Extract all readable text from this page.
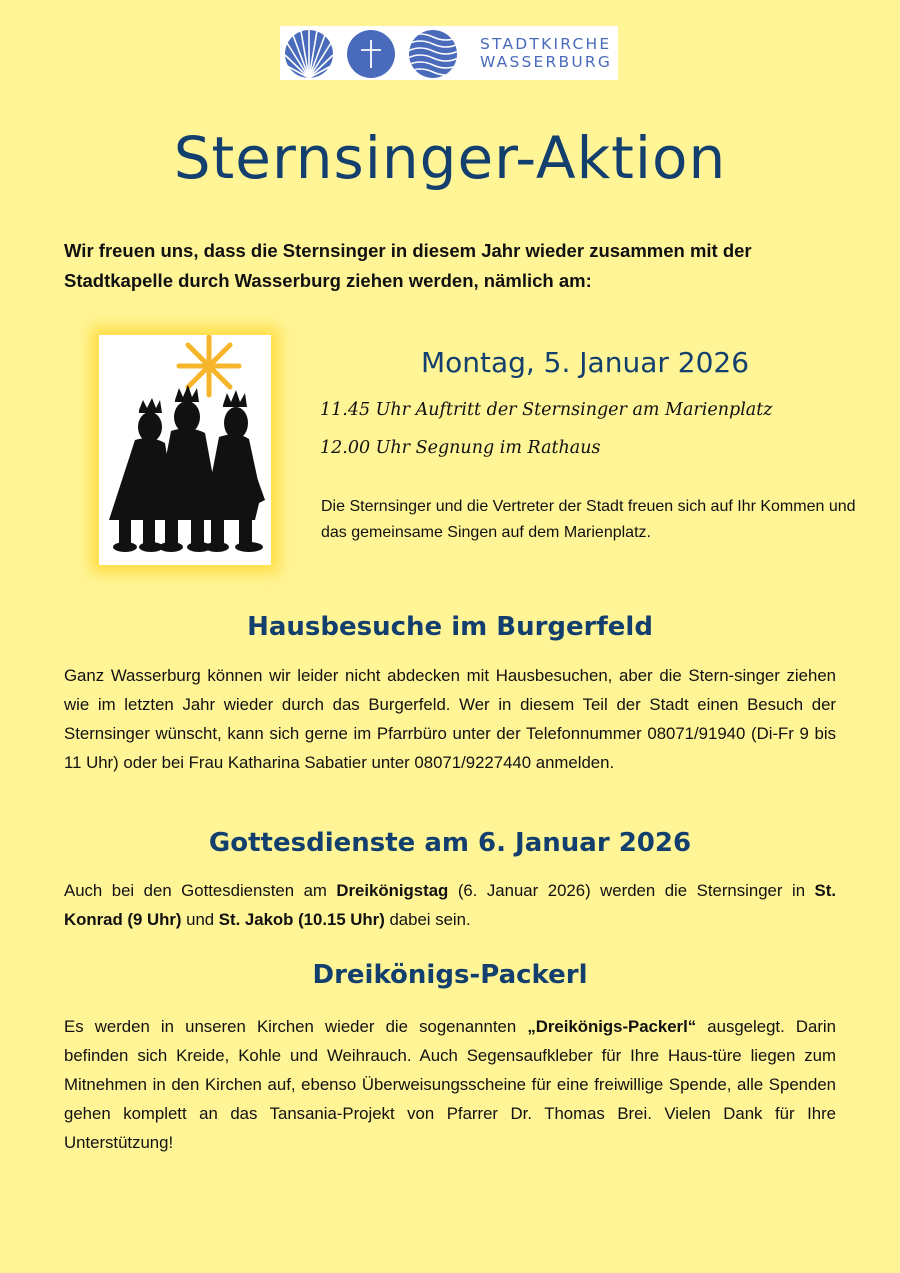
STADTKIRCHE
WASSERBURG
Sternsinger-Aktion
Wir freuen uns, dass die Sternsinger in diesem Jahr wieder zusammen mit der Stadtkapelle durch Wasserburg ziehen werden, nämlich am:
Montag, 5. Januar 2026
11.45 Uhr Auftritt der Sternsinger am Marienplatz
12.00 Uhr Segnung im Rathaus
Die Sternsinger und die Vertreter der Stadt freuen sich auf Ihr Kommen und das gemeinsame Singen auf dem Marienplatz.
Hausbesuche im Burgerfeld
Ganz Wasserburg können wir leider nicht abdecken mit Hausbesuchen, aber die Stern-singer ziehen wie im letzten Jahr wieder durch das Burgerfeld. Wer in diesem Teil der Stadt einen Besuch der Sternsinger wünscht, kann sich gerne im Pfarrbüro unter der Telefonnummer 08071/91940 (Di-Fr 9 bis 11 Uhr) oder bei Frau Katharina Sabatier unter 08071/9227440 anmelden.
Gottesdienste am 6. Januar 2026
Auch bei den Gottesdiensten am Dreikönigstag (6. Januar 2026) werden die Sternsinger in St. Konrad (9 Uhr) und St. Jakob (10.15 Uhr) dabei sein.
Dreikönigs-Packerl
Es werden in unseren Kirchen wieder die sogenannten „Dreikönigs-Packerl“ ausgelegt. Darin befinden sich Kreide, Kohle und Weihrauch. Auch Segensaufkleber für Ihre Haus-türe liegen zum Mitnehmen in den Kirchen auf, ebenso Überweisungsscheine für eine freiwillige Spende, alle Spenden gehen komplett an das Tansania-Projekt von Pfarrer Dr. Thomas Brei. Vielen Dank für Ihre Unterstützung!
